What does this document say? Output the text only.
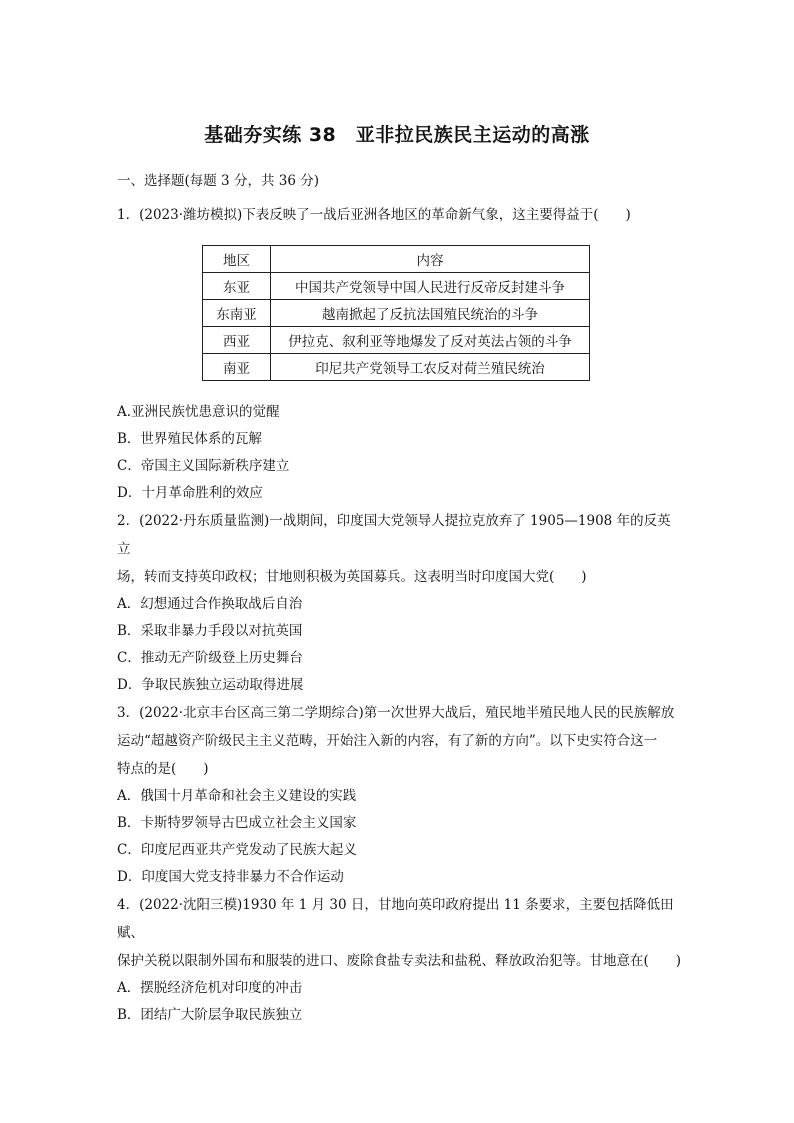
基础夯实练 38　亚非拉民族民主运动的高涨
一、选择题(每题 3 分，共 36 分)

1．(2023·潍坊模拟)下表反映了一战后亚洲各地区的革命新气象，这主要得益于(　　)

地区	内容
东亚	中国共产党领导中国人民进行反帝反封建斗争
东南亚	越南掀起了反抗法国殖民统治的斗争
西亚	伊拉克、叙利亚等地爆发了反对英法占领的斗争
南亚	印尼共产党领导工农反对荷兰殖民统治

A.亚洲民族忧患意识的觉醒

B．世界殖民体系的瓦解

C．帝国主义国际新秩序建立

D．十月革命胜利的效应

2．(2022·丹东质量监测)一战期间，印度国大党领导人提拉克放弃了 1905—1908 年的反英立

场，转而支持英印政权；甘地则积极为英国募兵。这表明当时印度国大党(　　)

A．幻想通过合作换取战后自治

B．采取非暴力手段以对抗英国

C．推动无产阶级登上历史舞台

D．争取民族独立运动取得进展

3．(2022·北京丰台区高三第二学期综合)第一次世界大战后，殖民地半殖民地人民的民族解放

运动“超越资产阶级民主主义范畴，开始注入新的内容，有了新的方向”。以下史实符合这一

特点的是(　　)

A．俄国十月革命和社会主义建设的实践

B．卡斯特罗领导古巴成立社会主义国家

C．印度尼西亚共产党发动了民族大起义

D．印度国大党支持非暴力不合作运动

4．(2022·沈阳三模)1930 年 1 月 30 日，甘地向英印政府提出 11 条要求，主要包括降低田赋、

保护关税以限制外国布和服装的进口、废除食盐专卖法和盐税、释放政治犯等。甘地意在(　　)

A．摆脱经济危机对印度的冲击

B．团结广大阶层争取民族独立
